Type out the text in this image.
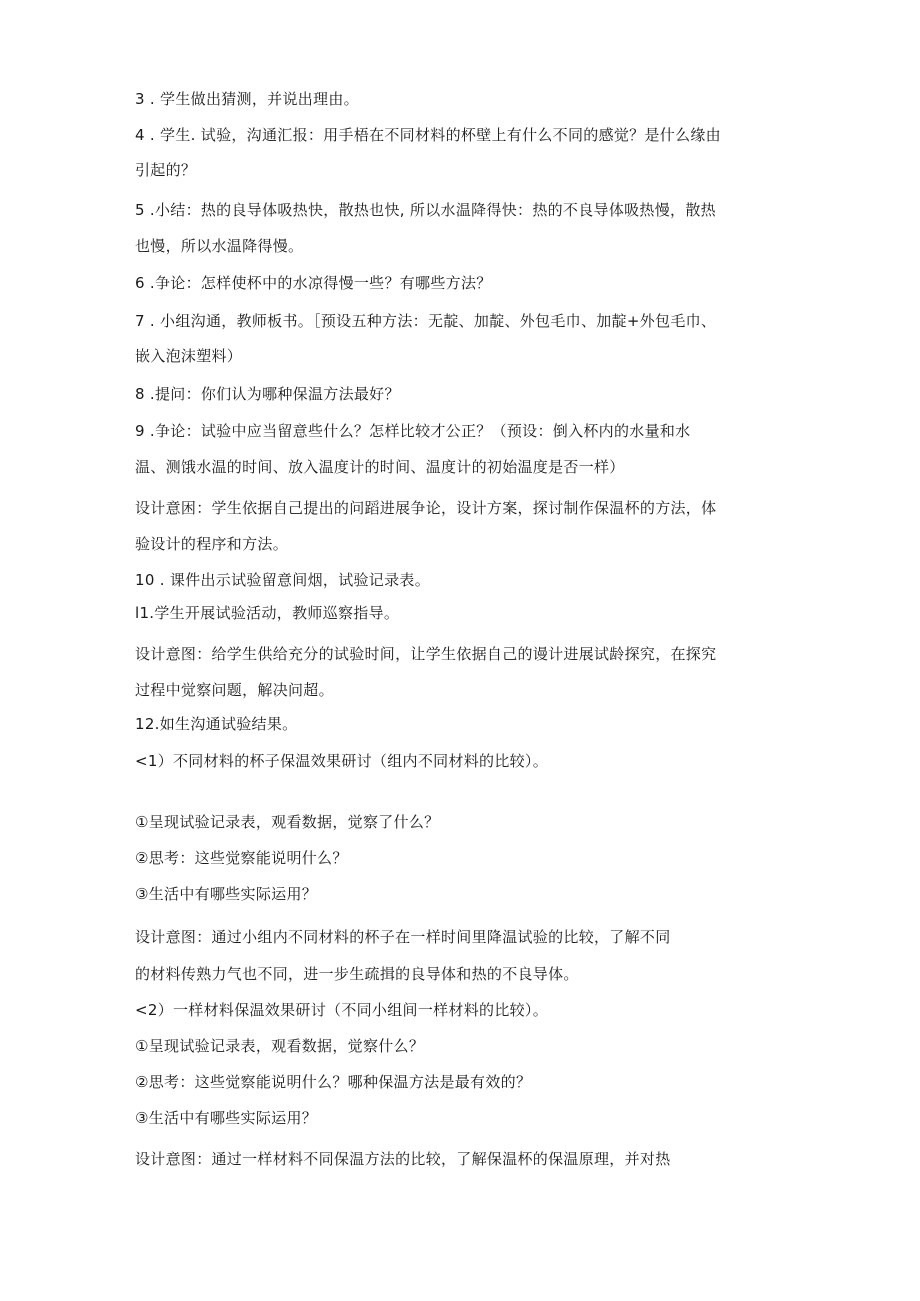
3 . 学生做出猜测，并说出理由。
4 . 学生. 试验，沟通汇报：用手梧在不同材料的杯壁上有什么不同的感觉？是什么缘由
引起的？
5 .小结：热的良导体吸热快，散热也快, 所以水温降得快：热的不良导体吸热慢，散热
也慢，所以水温降得慢。
6 .争论：怎样使杯中的水凉得慢一些？有哪些方法？
7 . 小组沟通，教师板书。［预设五种方法：无靛、加靛、外包毛巾、加靛+外包毛巾、
嵌入泡沫塑料）
8 .提问：你们认为哪种保温方法最好？
9 .争论：试验中应当留意些什么？怎样比较才公正？（预设：倒入杯内的水量和水
温、测饿水温的时间、放入温度计的时间、温度计的初始温度是否一样）
设计意困：学生依据自己提出的问蹈进展争论，设计方案，探讨制作保温杯的方法，体
验设计的程序和方法。
10 . 课件出示试验留意间烟，试验记录表。
l1.学生开展试验活动，教师巡察指导。
设计意图：给学生供给充分的试验时间，让学生依据自己的谩计进展试龄探究，在探究
过程中觉察问题，解决问超。
12.如生沟通试验结果。
<1）不同材料的杯子保温效果研讨（组内不同材料的比较）。
①呈现试验记录表，观看数据，觉察了什么？
②思考：这些觉察能说明什么？
③生活中有哪些实际运用？
设计意图：通过小组内不同材料的杯子在一样时间里降温试验的比较，了解不同
的材料传熟力气也不同，进一步生疏揖的良导体和热的不良导体。
<2）一样材料保温效果研讨（不同小组间一样材料的比较）。
①呈现试验记录表，观看数据，觉察什么？
②思考：这些觉察能说明什么？哪种保温方法是最有效的？
③生活中有哪些实际运用？
设计意图：通过一样材料不同保温方法的比较，了解保温杯的保温原理，并对热
